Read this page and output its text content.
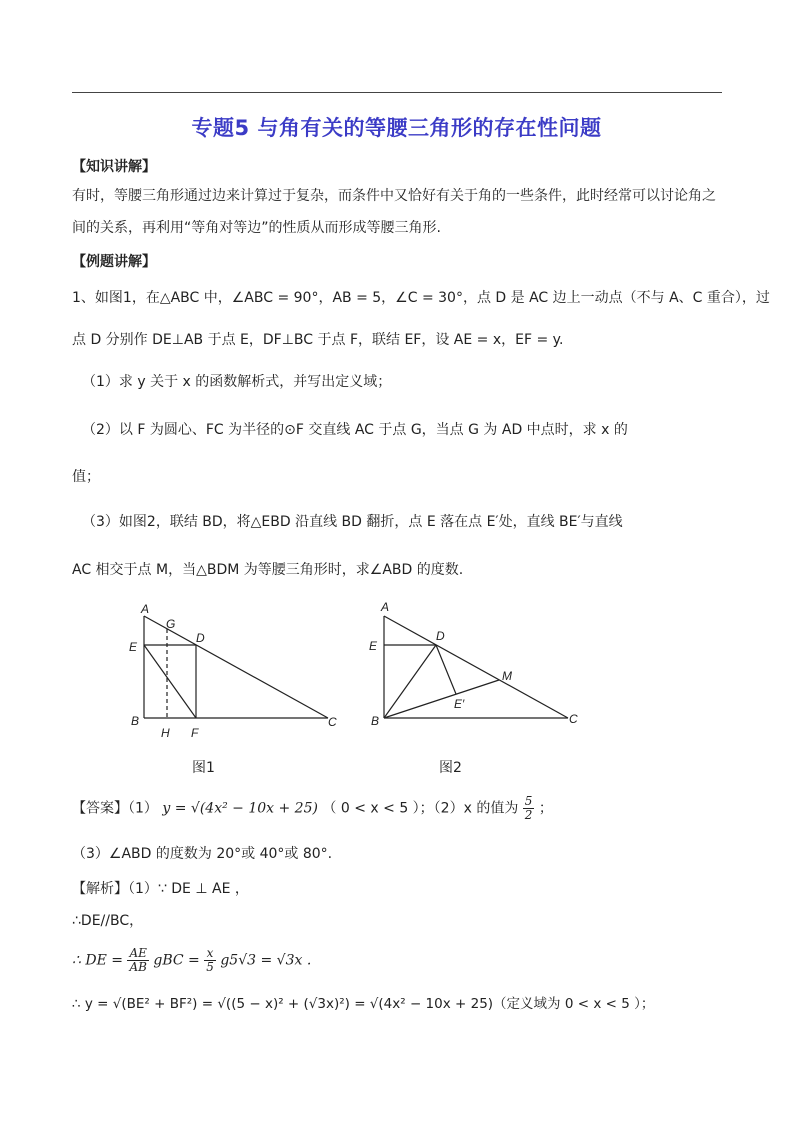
专题5 与角有关的等腰三角形的存在性问题
【知识讲解】
有时，等腰三角形通过边来计算过于复杂，而条件中又恰好有关于角的一些条件，此时经常可以讨论角之
间的关系，再利用“等角对等边”的性质从而形成等腰三角形.
【例题讲解】
1、如图1，在△ABC 中，∠ABC = 90°，AB = 5，∠C = 30°，点 D 是 AC 边上一动点（不与 A、C 重合），过
点 D 分别作 DE⊥AB 于点 E，DF⊥BC 于点 F，联结 EF，设 AE = x，EF = y.
（1）求 y 关于 x 的函数解析式，并写出定义域；
（2）以 F 为圆心、FC 为半径的⊙F 交直线 AC 于点 G，当点 G 为 AD 中点时，求 x 的
值；
（3）如图2，联结 BD，将△EBD 沿直线 BD 翻折，点 E 落在点 E′处，直线 BE′与直线
AC 相交于点 M，当△BDM 为等腰三角形时，求∠ABD 的度数.
A
G
D
E
B
H F
C
图1
A
D
E
M
E′
B	C
图2
【答案】（1） y = √(4x² − 10x + 25) （ 0 < x < 5 ）；（2）x 的值为 $\frac{5}{2}$ ；
（3）∠ABD 的度数为 20°或 40°或 80°.
【解析】（1）∵ DE ⊥ AE ，
∴DE//BC，
∴ DE = $\frac{AE}{AB}$ gBC = $\frac{x}{5} g5√3 = √3x$ .
∴ y = √(BE² + BF²) = √((5 − x)² + (√3x)²) = √(4x² − 10x + 25)（定义域为 0 < x < 5 ）；
